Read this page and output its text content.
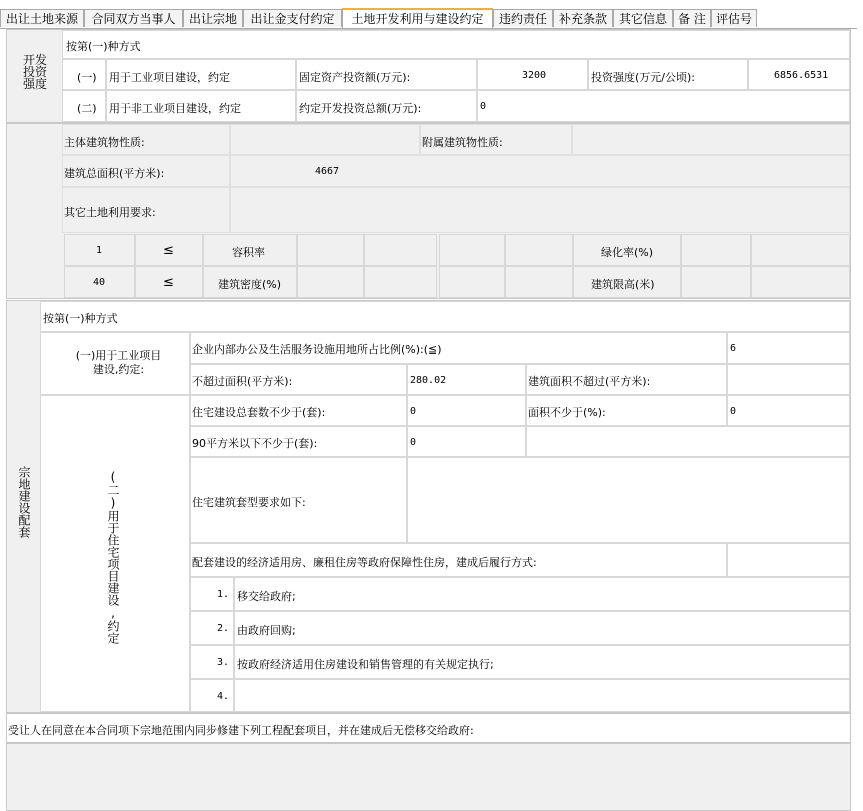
出让土地来源	合同双方当事人	出让宗地	出让金支付约定	土地开发利用与建设约定	违约责任 补充条款 其它信息 备 注 评估号
开发投资强度
按第(一)种方式
(一) 用于工业项目建设，约定	固定资产投资额(万元):	3200	投资强度(万元/公顷):	6856.6531
(二) 用于非工业项目建设，约定	约定开发投资总额(万元):	0
主体建筑物性质:	附属建筑物性质:
建筑总面积(平方米):	4667
其它土地利用要求:
1	≤	容积率	绿化率(%)
40	≤	建筑密度(%)	建筑限高(米)
宗地建设配套
按第(一)种方式
(一)用于工业项目建设,约定:
企业内部办公及生活服务设施用地所占比例(%):(≦)	6
不超过面积(平方米):	280.02	建筑面积不超过(平方米):
(二)用于住宅项目建设,约定
住宅建设总套数不少于(套):	0	面积不少于(%):	0
90平方米以下不少于(套):	0
住宅建筑套型要求如下:
配套建设的经济适用房、廉租住房等政府保障性住房，建成后履行方式:
1. 移交给政府;
2. 由政府回购;
3. 按政府经济适用住房建设和销售管理的有关规定执行;
4.
受让人在同意在本合同项下宗地范围内同步修建下列工程配套项目，并在建成后无偿移交给政府:
